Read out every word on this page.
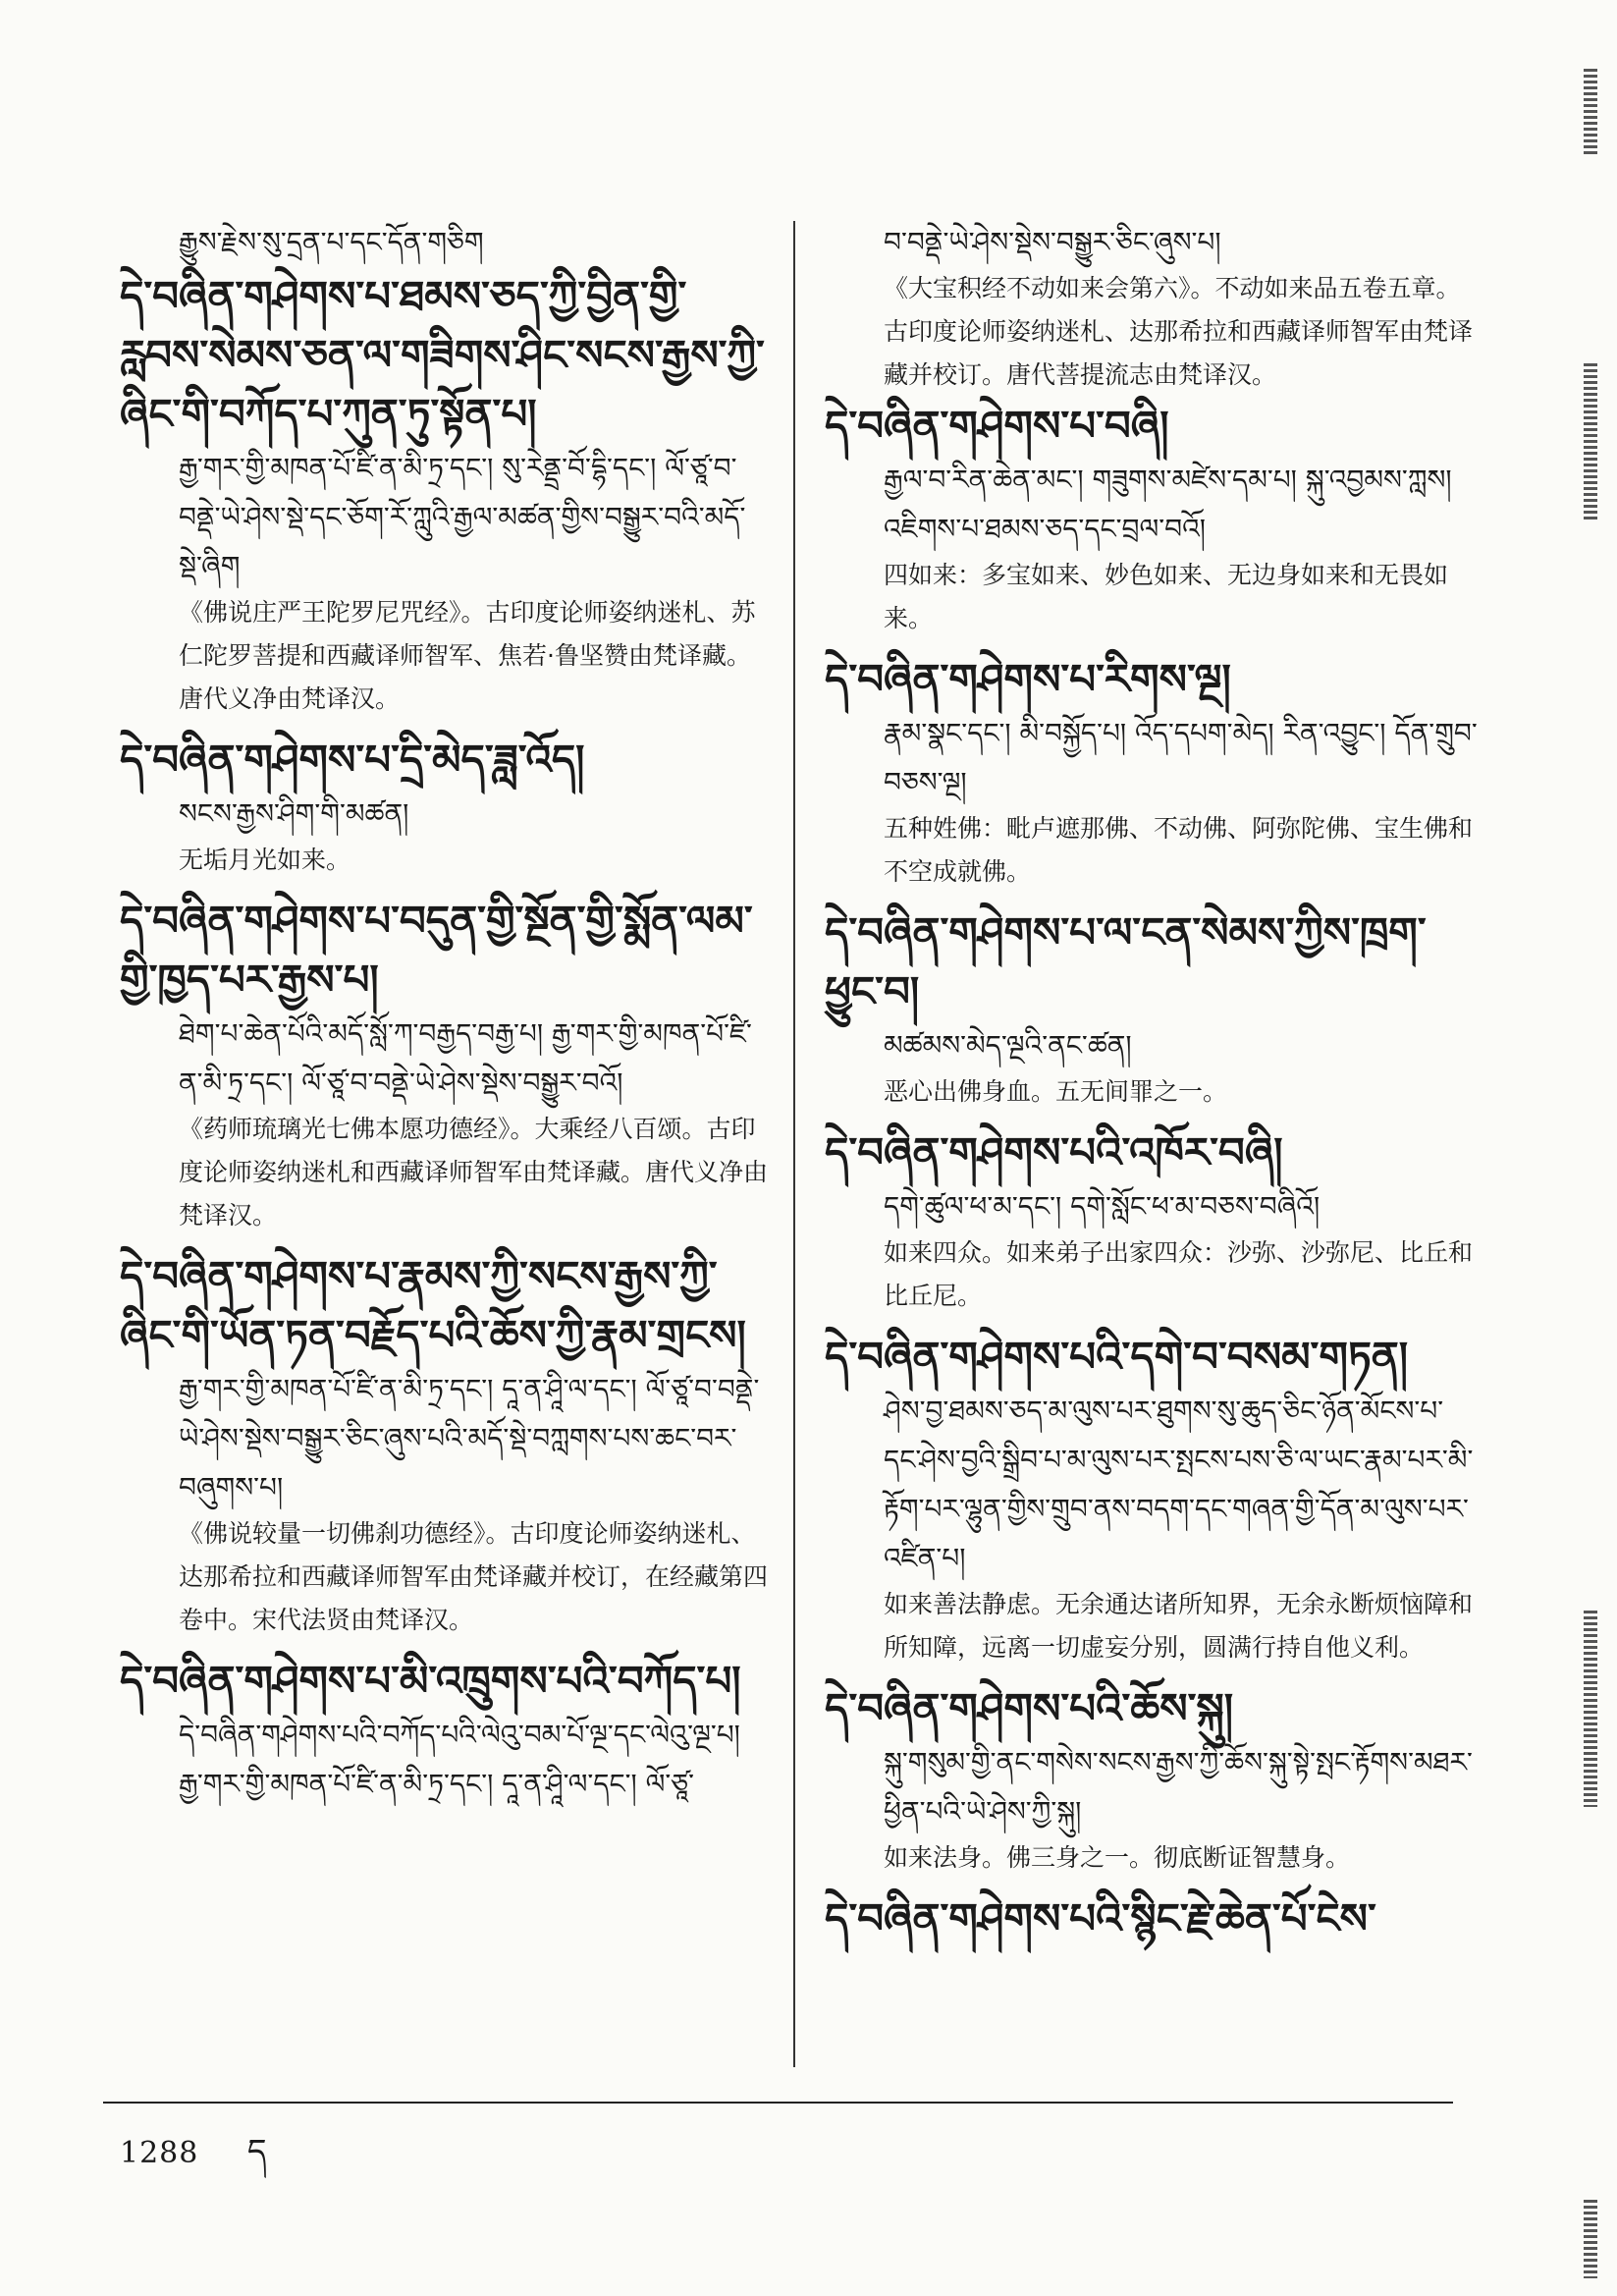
རྒྱུས་རྗེས་སུ་དྲན་པ་དང་དོན་གཅིག
དེ་བཞིན་གཤེགས་པ་ཐམས་ཅད་ཀྱི་བྱིན་གྱི་རླབས་སེམས་ཅན་ལ་གཟིགས་ཤིང་སངས་རྒྱས་ཀྱི་ཞིང་གི་བཀོད་པ་ཀུན་ཏུ་སྟོན་པ།
རྒྱ་གར་གྱི་མཁན་པོ་ཛི་ན་མི་ཏྲ་དང་། སུ་རེནྡྲ་བོ་དྷི་དང་། ལོ་ཙཱ་བ་བནྡེ་ཡེ་ཤེས་སྡེ་དང་ཅོག་རོ་ཀླུའི་རྒྱལ་མཚན་གྱིས་བསྒྱུར་བའི་མདོ་སྡེ་ཞིག
《佛说庄严王陀罗尼咒经》。古印度论师姿纳迷札、苏仁陀罗菩提和西藏译师智军、焦若·鲁坚赞由梵译藏。唐代义净由梵译汉。
དེ་བཞིན་གཤེགས་པ་དྲི་མེད་ཟླ་འོད།
སངས་རྒྱས་ཤིག་གི་མཚན།
无垢月光如来。
དེ་བཞིན་གཤེགས་པ་བདུན་གྱི་སྔོན་གྱི་སྨོན་ལམ་གྱི་ཁྱད་པར་རྒྱས་པ།
ཐེག་པ་ཆེན་པོའི་མདོ་སློ་ཀ་བརྒྱད་བརྒྱ་པ། རྒྱ་གར་གྱི་མཁན་པོ་ཛི་ན་མི་ཏྲ་དང་། ལོ་ཙཱ་བ་བནྡེ་ཡེ་ཤེས་སྡེས་བསྒྱུར་བའོ།
《药师琉璃光七佛本愿功德经》。大乘经八百颂。古印度论师姿纳迷札和西藏译师智军由梵译藏。唐代义净由梵译汉。
དེ་བཞིན་གཤེགས་པ་རྣམས་ཀྱི་སངས་རྒྱས་ཀྱི་ཞིང་གི་ཡོན་ཏན་བརྗོད་པའི་ཆོས་ཀྱི་རྣམ་གྲངས།
རྒྱ་གར་གྱི་མཁན་པོ་ཛི་ན་མི་ཏྲ་དང་། དཱ་ན་ཤཱི་ལ་དང་། ལོ་ཙཱ་བ་བནྡེ་ཡེ་ཤེས་སྡེས་བསྒྱུར་ཅིང་ཞུས་པའི་མདོ་སྡེ་བཀླགས་པས་ཆང་བར་བཞུགས་པ།
《佛说较量一切佛刹功德经》。古印度论师姿纳迷札、达那希拉和西藏译师智军由梵译藏并校订，在经藏第四卷中。宋代法贤由梵译汉。
དེ་བཞིན་གཤེགས་པ་མི་འཁྲུགས་པའི་བཀོད་པ།
དེ་བཞིན་གཤེགས་པའི་བཀོད་པའི་ལེའུ་བམ་པོ་ལྔ་དང་ལེའུ་ལྔ་པ། རྒྱ་གར་གྱི་མཁན་པོ་ཛི་ན་མི་ཏྲ་དང་། དཱ་ན་ཤཱི་ལ་དང་། ལོ་ཙཱ་
བ་བནྡེ་ཡེ་ཤེས་སྡེས་བསྒྱུར་ཅིང་ཞུས་པ།
《大宝积经不动如来会第六》。不动如来品五卷五章。古印度论师姿纳迷札、达那希拉和西藏译师智军由梵译藏并校订。唐代菩提流志由梵译汉。
དེ་བཞིན་གཤེགས་པ་བཞི།
རྒྱལ་བ་རིན་ཆེན་མང་། གཟུགས་མཛེས་དམ་པ། སྐུ་འབྱམས་ཀླས། འཇིགས་པ་ཐམས་ཅད་དང་བྲལ་བའོ།
四如来：多宝如来、妙色如来、无边身如来和无畏如来。
དེ་བཞིན་གཤེགས་པ་རིགས་ལྔ།
རྣམ་སྣང་དང་། མི་བསྐྱོད་པ། འོད་དཔག་མེད། རིན་འབྱུང་། དོན་གྲུབ་བཅས་ལྔ།
五种姓佛：毗卢遮那佛、不动佛、阿弥陀佛、宝生佛和不空成就佛。
དེ་བཞིན་གཤེགས་པ་ལ་ངན་སེམས་ཀྱིས་ཁྲག་ཕྱུང་བ།
མཚམས་མེད་ལྔའི་ནང་ཚན།
恶心出佛身血。五无间罪之一。
དེ་བཞིན་གཤེགས་པའི་འཁོར་བཞི།
དགེ་ཚུལ་ཕ་མ་དང་། དགེ་སློང་ཕ་མ་བཅས་བཞིའོ།
如来四众。如来弟子出家四众：沙弥、沙弥尼、比丘和比丘尼。
དེ་བཞིན་གཤེགས་པའི་དགེ་བ་བསམ་གཏན།
ཤེས་བྱ་ཐམས་ཅད་མ་ལུས་པར་ཐུགས་སུ་ཆུད་ཅིང་ཉོན་མོངས་པ་དང་ཤེས་བྱའི་སྒྲིབ་པ་མ་ལུས་པར་སྤངས་པས་ཅི་ལ་ཡང་རྣམ་པར་མི་རྟོག་པར་ལྷུན་གྱིས་གྲུབ་ནས་བདག་དང་གཞན་གྱི་དོན་མ་ལུས་པར་འཛིན་པ།
如来善法静虑。无余通达诸所知界，无余永断烦恼障和所知障，远离一切虚妄分别，圆满行持自他义利。
དེ་བཞིན་གཤེགས་པའི་ཆོས་སྐུ།
སྐུ་གསུམ་གྱི་ནང་གསེས་སངས་རྒྱས་ཀྱི་ཆོས་སྐུ་སྟེ་སྤང་རྟོགས་མཐར་ཕྱིན་པའི་ཡེ་ཤེས་ཀྱི་སྐུ།
如来法身。佛三身之一。彻底断证智慧身。
དེ་བཞིན་གཤེགས་པའི་སྙིང་རྗེ་ཆེན་པོ་ངེས་
1288 ད
